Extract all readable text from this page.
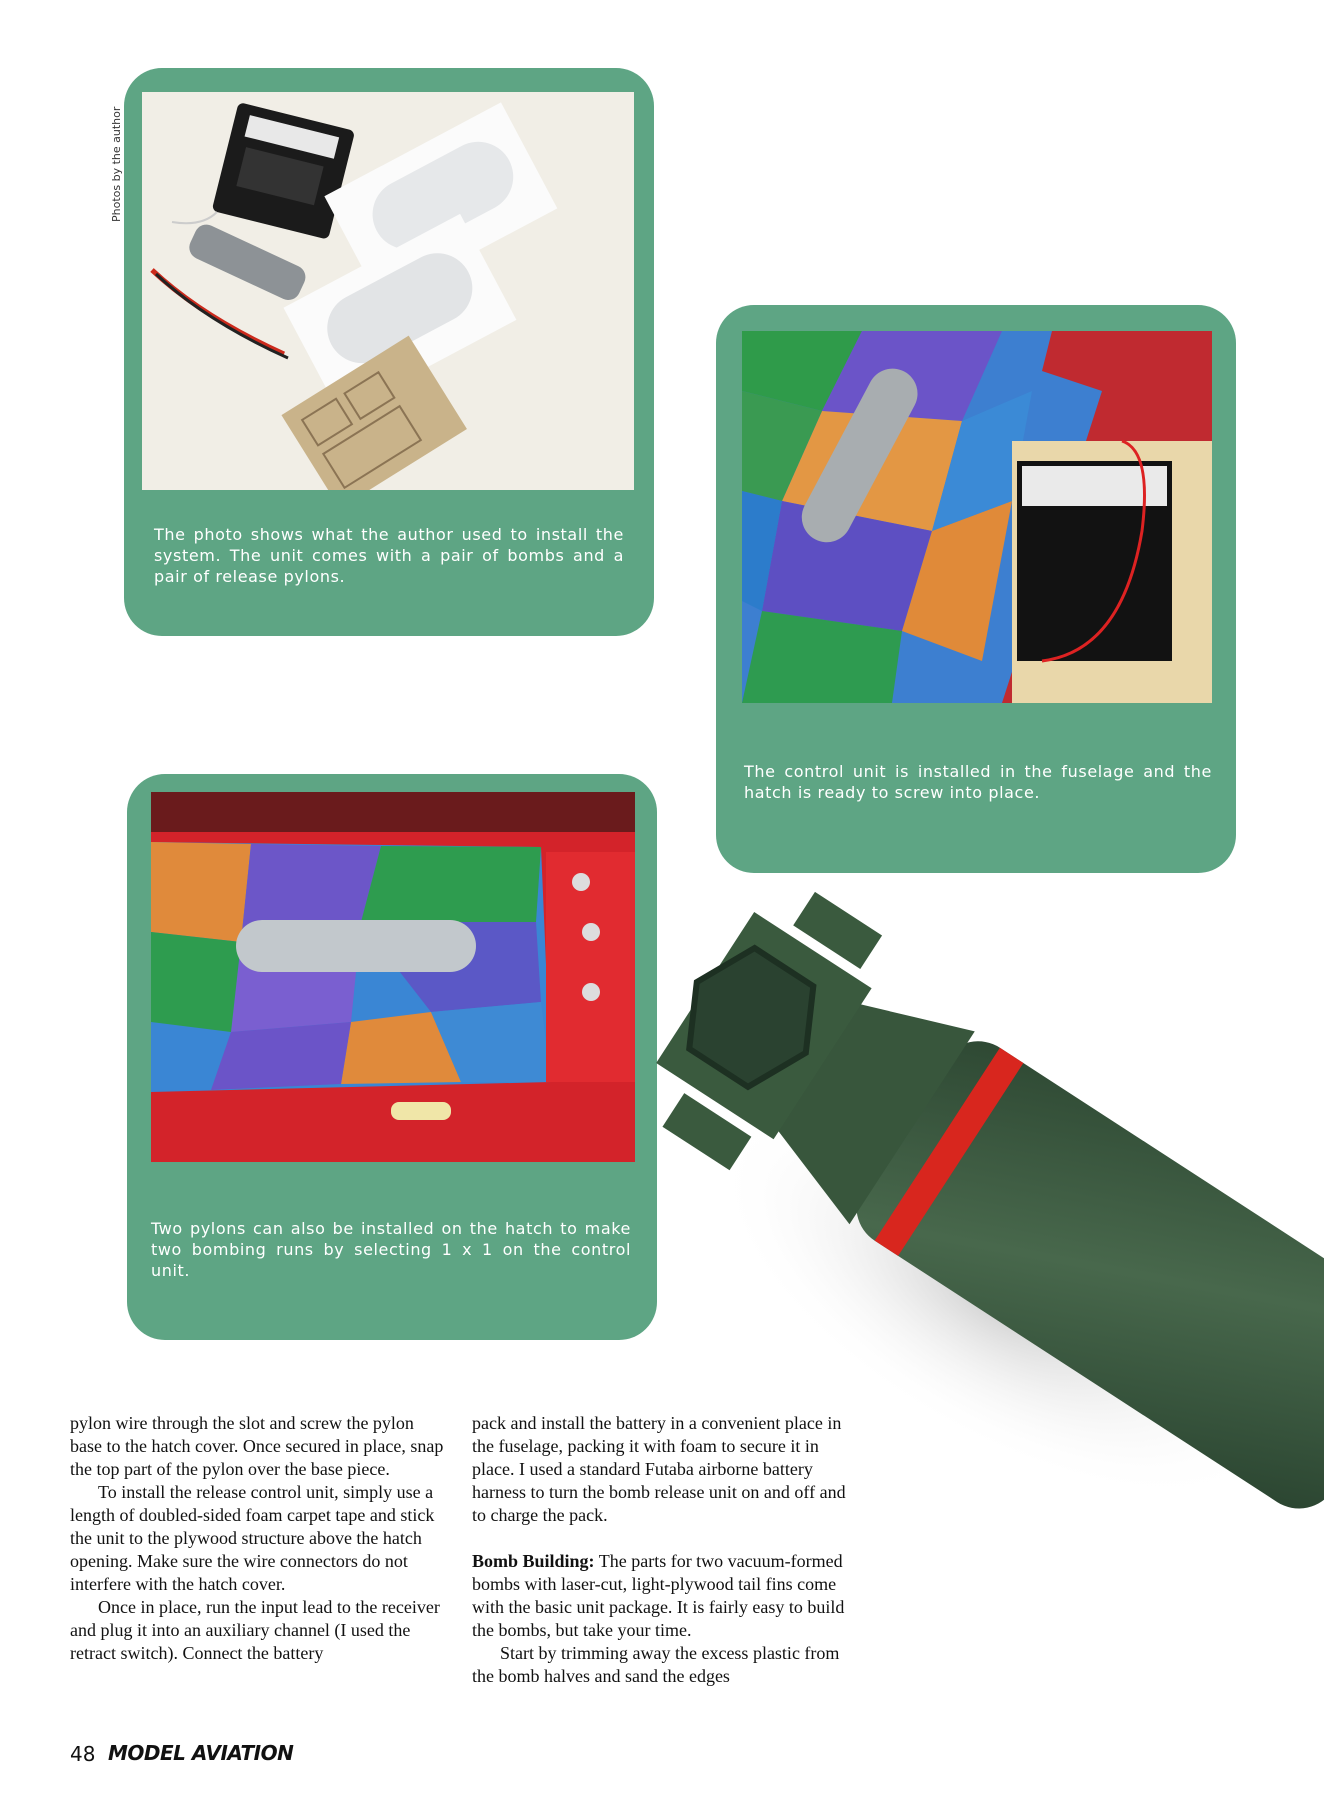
Photos by the author
The photo shows what the author used to install the system. The unit comes with a pair of bombs and a pair of release pylons.
The control unit is installed in the fuselage and the hatch is ready to screw into place.
Two pylons can also be installed on the hatch to make two bombing runs by selecting 1 x 1 on the control unit.

pylon wire through the slot and screw the pylon base to the hatch cover. Once secured in place, snap the top part of the pylon over the base piece.

To install the release control unit, simply use a length of doubled-sided foam carpet tape and stick the unit to the plywood structure above the hatch opening. Make sure the wire connectors do not interfere with the hatch cover.

Once in place, run the input lead to the receiver and plug it into an auxiliary channel (I used the retract switch). Connect the battery

pack and install the battery in a convenient place in the fuselage, packing it with foam to secure it in place. I used a standard Futaba airborne battery harness to turn the bomb release unit on and off and to charge the pack.

Bomb Building: The parts for two vacuum-formed bombs with laser-cut, light-plywood tail fins come with the basic unit package. It is fairly easy to build the bombs, but take your time.

Start by trimming away the excess plastic from the bomb halves and sand the edges

48 MODEL AVIATION
